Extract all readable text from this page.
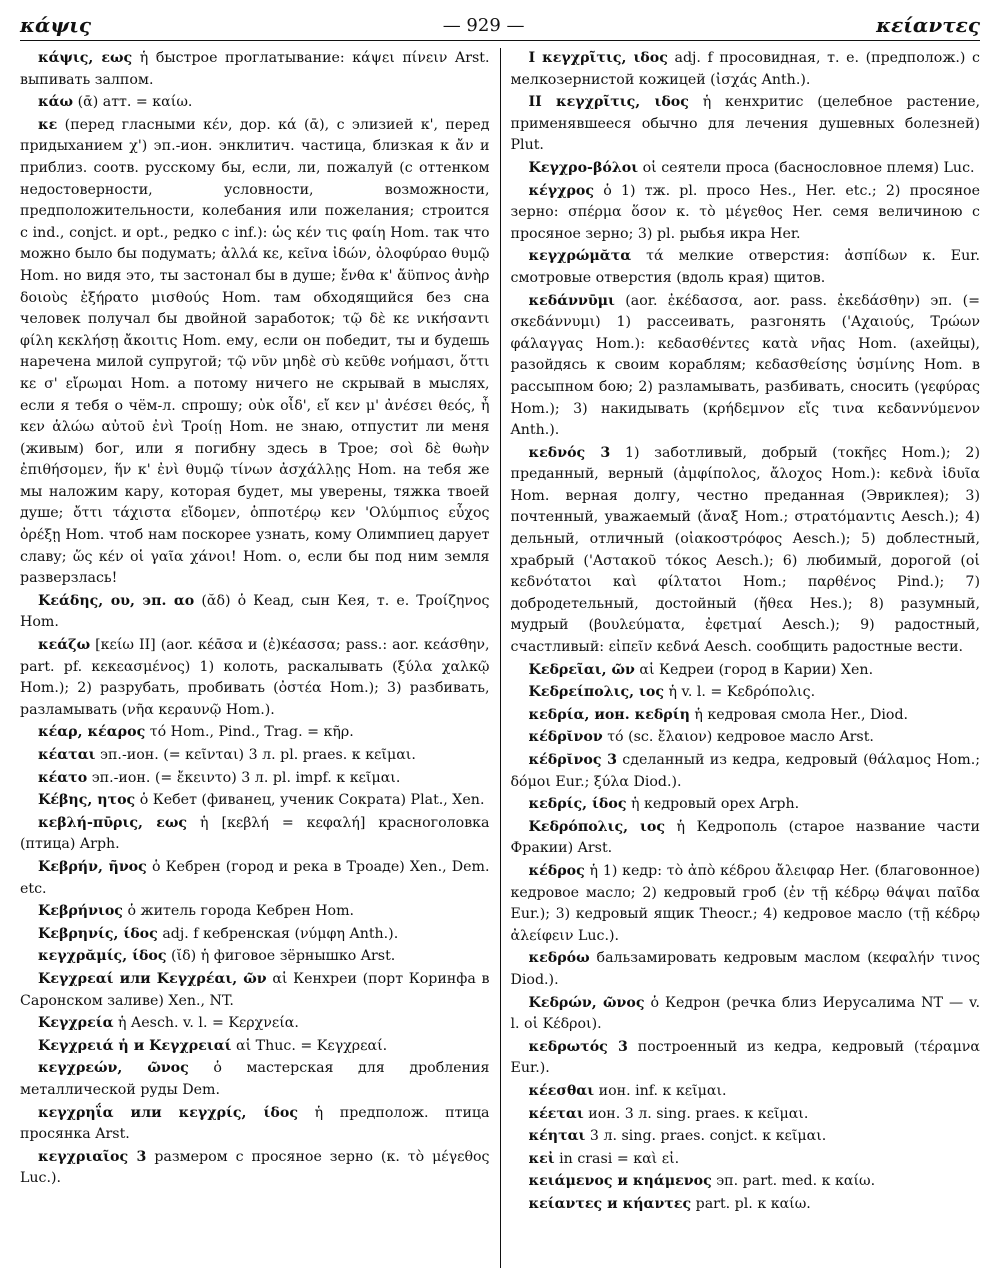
κάψις	— 929 —	κείαντες

κάψις, εως ἡ быстрое проглатывание: κάψει πίνειν Arst. выпивать залпом.

κάω (ᾱ) атт. = καίω.

κε (перед гласными κέν, дор. κά (ᾱ), с элизией κ', перед придыханием χ') эп.-ион. энклитич. частица, близкая к ἄν и приблиз. соотв. русскому бы, если, ли, пожалуй (с оттенком недостоверности, условности, возможности, предположительности, колебания или пожелания; строится с ind., conjct. и opt., редко с inf.): ὡς κέν τις φαίη Hom. так что можно было бы подумать; ἀλλά κε, κεῖνα ἰδών, ὀλοφύραο θυμῷ Hom. но видя это, ты застонал бы в душе; ἔνθα κ' ἄϋπνος ἀνὴρ δοιοὺς ἐξήρατο μισθούς Hom. там обходящийся без сна человек получал бы двойной заработок; τῷ δὲ κε νικήσαντι φίλη κεκλήσῃ ἄκοιτις Hom. ему, если он победит, ты и будешь наречена милой супругой; τῷ νῦν μηδὲ σὺ κεῦθε νοήμασι, ὅττι κε σ' εἴρωμαι Hom. а потому ничего не скрывай в мыслях, если я тебя о чём-л. спрошу; οὐκ οἶδ', εἴ κεν μ' ἀνέσει θεός, ἦ κεν ἁλώω αὐτοῦ ἐνὶ Τροίῃ Hom. не знаю, отпустит ли меня (живым) бог, или я погибну здесь в Трое; σοὶ δὲ θωὴν ἐπιθήσομεν, ἥν κ' ἐνὶ θυμῷ τίνων ἀσχάλλῃς Hom. на тебя же мы наложим кару, которая будет, мы уверены, тяжка твоей душе; ὄττι τάχιστα εἴδομεν, ὁπποτέρῳ κεν 'Ολύμπιος εὖχος ὀρέξῃ Hom. чтоб нам поскорее узнать, кому Олимпиец дарует славу; ὥς κέν οἱ γαῖα χάνοι! Hom. о, если бы под ним земля разверзлась!

Κεάδης, ου, эп. αο (ᾰδ) ὁ Кеад, сын Кея, т. е. Τροίζηνος Hom.

κεάζω [κείω II] (aor. κέᾱσα и (ἐ)κέασσα; pass.: aor. κεάσθην, part. pf. κεκεασμένος) 1) колоть, раскалывать (ξύλα χαλκῷ Hom.); 2) разрубать, пробивать (ὀστέα Hom.); 3) разбивать, разламывать (νῆα κεραυνῷ Hom.).

κέαρ, κέαρος τό Hom., Pind., Trag. = κῆρ.

κέαται эп.-ион. (= κεῖνται) 3 л. pl. praes. к κεῖμαι.

κέατο эп.-ион. (= ἔκειντο) 3 л. pl. impf. к κεῖμαι.

Κέβης, ητος ὁ Кебет (фиванец, ученик Сократа) Plat., Xen.

κεβλή-πῡρις, εως ἡ [κεβλή = κεφαλή] красноголовка (птица) Arph.

Κεβρήν, ῆνος ὁ Кебрен (город и река в Троаде) Xen., Dem. etc.

Κεβρήνιος ὁ житель города Кебрен Hom.

Κεβρηνίς, ίδος adj. f кебренская (νύμφη Anth.).

κεγχρᾰμίς, ίδος (ῐδ) ἡ фиговое зёрнышко Arst.

Κεγχρεαί или Κεγχρέαι, ῶν αἱ Кенхреи (порт Коринфа в Саронском заливе) Xen., NT.

Κεγχρεία ἡ Aesch. v. l. = Κερχνεία.

Κεγχρειά ἡ и Κεγχρειαί αἱ Thuc. = Κεγχρεαί.

κεγχρεών, ῶνος ὁ мастерская для дробления металлической руды Dem.

κεγχρηΐα или κεγχρίς, ίδος ἡ предполож. птица просянка Arst.

κεγχριαῖος 3 размером с просяное зерно (κ. τὸ μέγεθος Luc.).

I κεγχρῖτις, ιδος adj. f просовидная, т. е. (предполож.) с мелкозернистой кожицей (ἰσχάς Anth.).

II κεγχρῖτις, ιδος ἡ кенхритис (целебное растение, применявшееся обычно для лечения душевных болезней) Plut.

Κεγχρο-βόλοι οἱ сеятели проса (баснословное племя) Luc.

κέγχρος ὁ 1) тж. pl. просо Hes., Her. etc.; 2) просяное зерно: σπέρμα ὅσον κ. τὸ μέγεθος Her. семя величиною с просяное зерно; 3) pl. рыбья икра Her.

κεγχρώμᾰτα τά мелкие отверстия: ἀσπίδων κ. Eur. смотровые отверстия (вдоль края) щитов.

κεδάννῡμι (aor. ἐκέδασσα, aor. pass. ἐκεδάσθην) эп. (= σκεδάννυμι) 1) рассеивать, разгонять ('Αχαιούς, Τρώων φάλαγγας Hom.): κεδασθέντες κατὰ νῆας Hom. (ахейцы), разойдясь к своим кораблям; κεδασθείσης ὑσμίνης Hom. в рассыпном бою; 2) разламывать, разбивать, сносить (γεφύρας Hom.); 3) накидывать (κρήδεμνον εἴς τινα κεδαννύμενον Anth.).

κεδνός 3 1) заботливый, добрый (τοκῆες Hom.); 2) преданный, верный (ἀμφίπολος, ἄλοχος Hom.): κεδνὰ ἰδυῖα Hom. верная долгу, честно преданная (Эвриклея); 3) почтенный, уважаемый (ἄναξ Hom.; στρατόμαντις Aesch.); 4) дельный, отличный (οἰακοστρόφος Aesch.); 5) доблестный, храбрый ('Αστακοῦ τόκος Aesch.); 6) любимый, дорогой (οἱ κεδνότατοι καὶ φίλτατοι Hom.; παρθένος Pind.); 7) добродетельный, достойный (ἤθεα Hes.); 8) разумный, мудрый (βουλεύματα, ἐφετμαί Aesch.); 9) радостный, счастливый: εἰπεῖν κεδνά Aesch. сообщить радостные вести.

Κεδρεῖαι, ῶν αἱ Кедреи (город в Карии) Xen.

Κεδρείπολις, ιος ἡ v. l. = Κεδρόπολις.

κεδρία, ион. κεδρίη ἡ кедровая смола Her., Diod.

κέδρῐνον τό (sc. ἔλαιον) кедровое масло Arst.

κέδρῐνος 3 сделанный из кедра, кедровый (θάλαμος Hom.; δόμοι Eur.; ξύλα Diod.).

κεδρίς, ίδος ἡ кедровый орех Arph.

Κεδρόπολις, ιος ἡ Кедрополь (старое название части Фракии) Arst.

κέδρος ἡ 1) кедр: τὸ ἀπὸ κέδρου ἄλειφαρ Her. (благовонное) кедровое масло; 2) кедровый гроб (ἐν τῇ κέδρῳ θάψαι παῖδα Eur.); 3) кедровый ящик Theocr.; 4) кедровое масло (τῇ κέδρῳ ἀλείφειν Luc.).

κεδρόω бальзамировать кедровым маслом (κεφαλήν τινος Diod.).

Κεδρών, ῶνος ὁ Кедрон (речка близ Иерусалима NT — v. l. οἱ Κέδροι).

κεδρωτός 3 построенный из кедра, кедровый (τέραμνα Eur.).

κέεσθαι ион. inf. к κεῖμαι.

κέεται ион. 3 л. sing. praes. к κεῖμαι.

κέηται 3 л. sing. praes. conjct. к κεῖμαι.

κεἰ in crasi = καὶ εἰ.

κειάμενος и κηάμενος эп. part. med. к καίω.

κείαντες и κήαντες part. pl. к καίω.
